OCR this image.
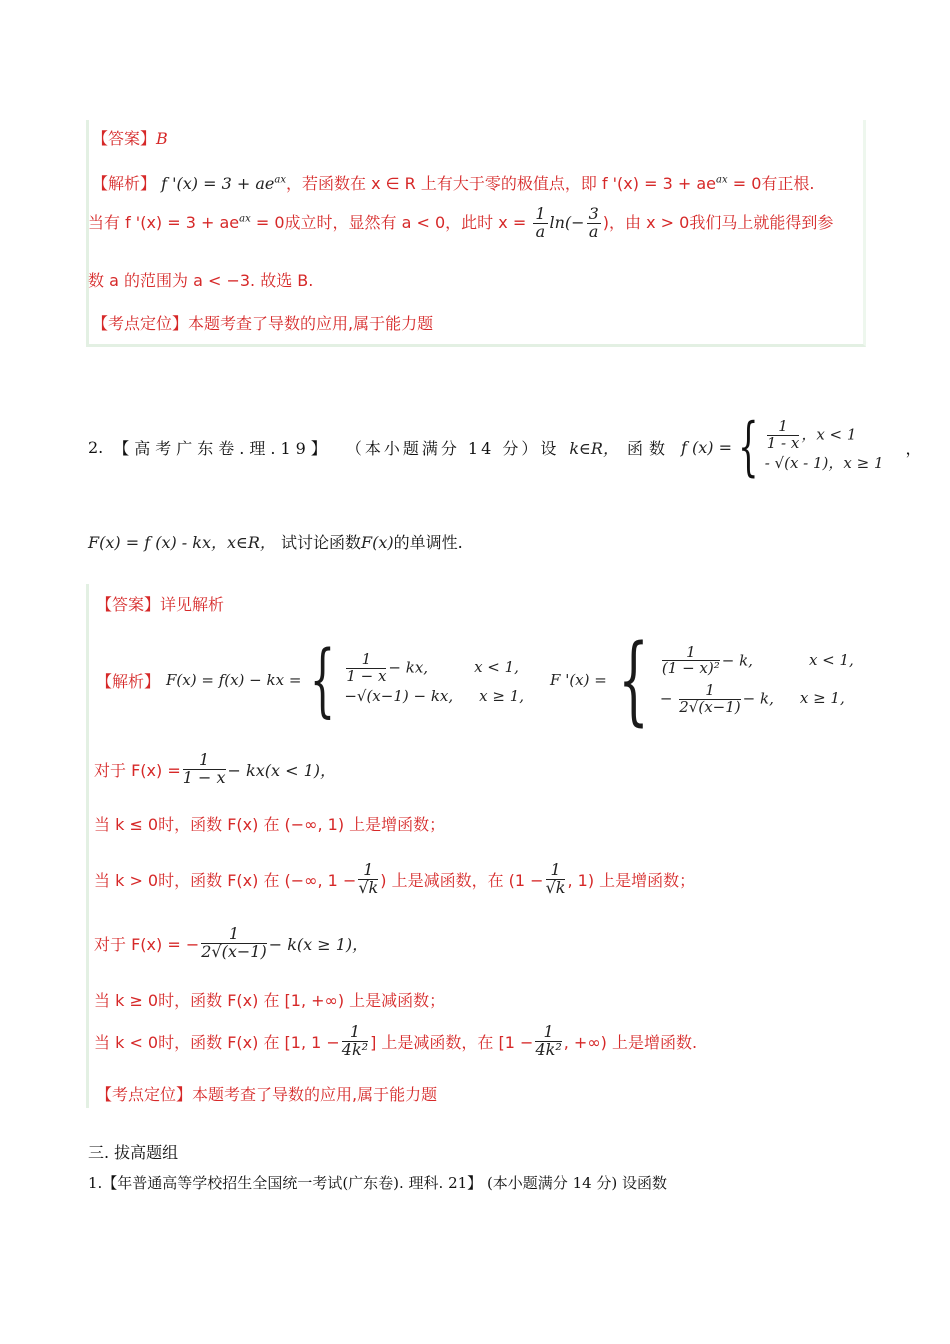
【答案】B
【解析】 f '$(x) = 3 + ae^{ax}$，若函数在 x ∈ R 上有大于零的极值点，即 f '$(x) = 3 + ae^{ax} = 0$有正根.
当有 f '$(x) = 3 + ae^{ax} = 0$成立时，显然有 a < 0，此时 $x = \frac{1}{a} \ln(- \frac{3}{a}$ )，由 x > 0我们马上就能得到参
数 a 的范围为 a < −3. 故选 B.
【考点定位】本题考查了导数的应用,属于能力题
2. 【高考广东卷.理.19】 （本小题满分 14 分）设 k∈R， 函数 f (x) = { $\frac{1}{1 - x}$ ，x < 1
- √(x - 1)，x ≥ 1
，
F(x) = f (x) - kx，x∈R， 试讨论函数F(x)的单调性.
【答案】详见解析
【解析】 F(x) = f(x) − kx = { $\frac{1}{1 - x}$ − kx,	x < 1,
−√(x−1) − kx, x ≥ 1,
F '(x) = { $\frac{1}{\text{(1 − x)²}} - k$,	x < 1,
− $\frac{1}{2√(x-1)} - k$, x ≥ 1,
对于 $F(x) = \frac{1}{1 - x} - kx(x < 1)$，
当 k ≤ 0时，函数 F(x) 在 (−∞, 1) 上是增函数；
当 k > 0时，函数 F(x) 在 (−∞, $1 - \frac{1}{√k}$ ) 上是减函数，在 ($1 - \frac{1}{√k}$ , 1) 上是增函数；
对于 F(x) = − $\frac{1}{2√(x-1)} - k(x \ge 1)$，
当 k ≥ 0时，函数 F(x) 在 [1, +∞) 上是减函数；
当 k < 0时，函数 F(x) 在 [1, $1 - \frac{1}{\text{4k²}}$ ] 上是减函数，在 [$1 - \frac{1}{\text{4k²}}$ , +∞) 上是增函数.
【考点定位】本题考查了导数的应用,属于能力题
三. 拔高题组
1.【年普通高等学校招生全国统一考试(广东卷). 理科. 21】 (本小题满分 14 分) 设函数
